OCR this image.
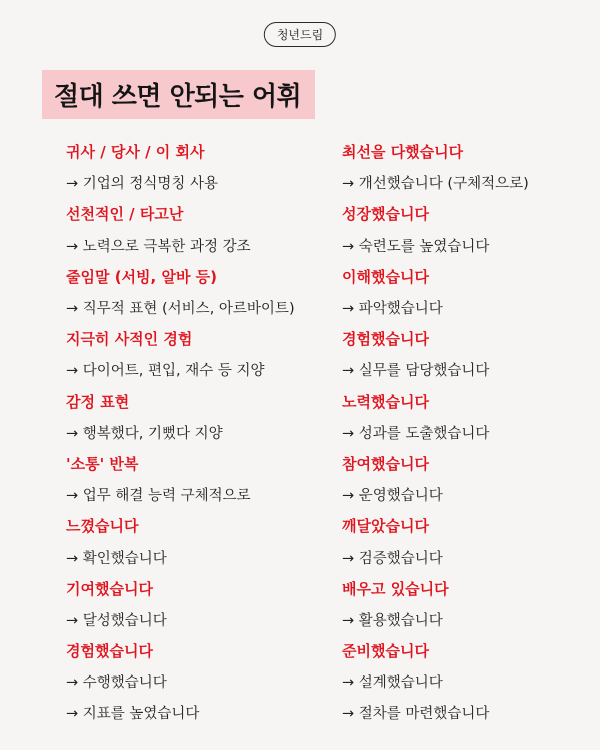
청년드림
절대 쓰면 안되는 어휘
귀사 / 당사 / 이 회사
→ 기업의 정식명칭 사용
선천적인 / 타고난
→ 노력으로 극복한 과정 강조
줄임말 (서빙, 알바 등)
→ 직무적 표현 (서비스, 아르바이트)
지극히 사적인 경험
→ 다이어트, 편입, 재수 등 지양
감정 표현
→ 행복했다, 기뻤다 지양
'소통' 반복
→ 업무 해결 능력 구체적으로
느꼈습니다
→ 확인했습니다
기여했습니다
→ 달성했습니다
경험했습니다
→ 수행했습니다
→ 지표를 높였습니다
최선을 다했습니다
→ 개선했습니다 (구체적으로)
성장했습니다
→ 숙련도를 높였습니다
이해했습니다
→ 파악했습니다
경험했습니다
→ 실무를 담당했습니다
노력했습니다
→ 성과를 도출했습니다
참여했습니다
→ 운영했습니다
깨달았습니다
→ 검증했습니다
배우고 있습니다
→ 활용했습니다
준비했습니다
→ 설계했습니다
→ 절차를 마련했습니다
